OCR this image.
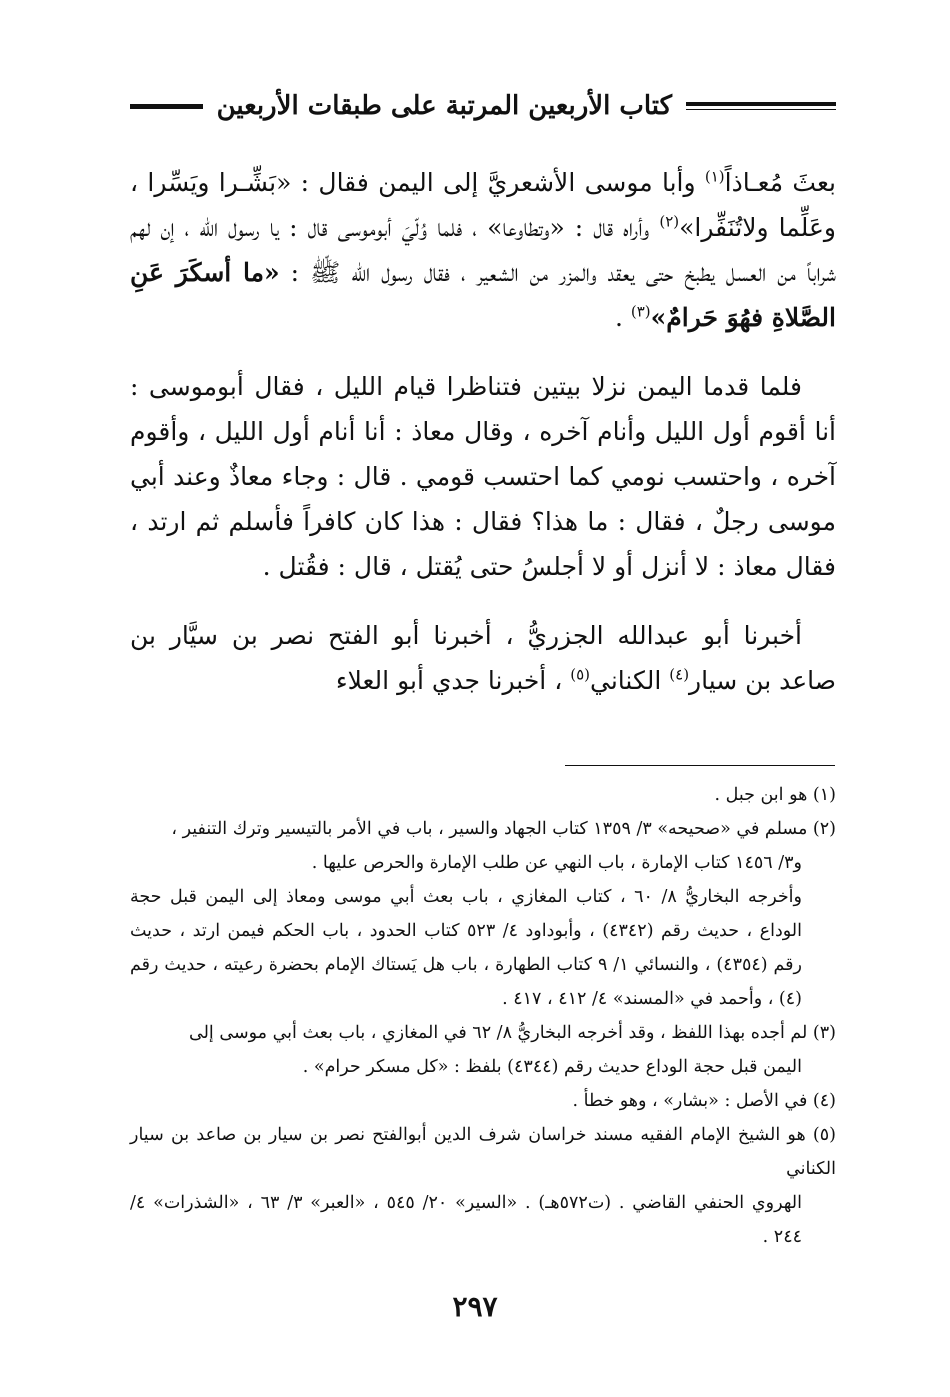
كتاب الأربعين المرتبة على طبقات الأربعين

بعثَ مُعـاذاً$^{(١)}$ وأبا موسى الأشعريَّ إلى اليمن فقال : «بَشِّـرا ويَسِّرا ، وعَلِّما ولاتُنَفِّرا»$^{(٢)}$ وأراه قال : «وتطاوعا» ، فلما وُلّيَ أبوموسى قال : يا رسول الله ، إن لهم شراباً من العسل يطبخ حتى يعقد والمزر من الشعير ، فقال رسول الله ﷺ : «ما أسكَرَ عَنِ الصَّلاةِ فهُوَ حَرامٌ»$^{(٣)}$ .

فلما قدما اليمن نزلا بيتين فتناظرا قيام الليل ، فقال أبوموسى : أنا أقوم أول الليل وأنام آخره ، وقال معاذ : أنا أنام أول الليل ، وأقوم آخره ، واحتسب نومي كما احتسب قومي . قال : وجاء معاذٌ وعند أبي موسى رجلٌ ، فقال : ما هذا؟ فقال : هذا كان كافراً فأسلم ثم ارتد ، فقال معاذ : لا أنزل أو لا أجلسُ حتى يُقتل ، قال : فقُتل .

أخبرنا أبو عبدالله الجزريُّ ، أخبرنا أبو الفتح نصر بن سيَّار بن صاعد بن سيار$^{(٤)}$ الكناني$^{(٥)}$ ، أخبرنا جدي أبو العلاء

(١) هو ابن جبل .

(٢) مسلم في «صحيحه» ٣/ ١٣٥٩ كتاب الجهاد والسير ، باب في الأمر بالتيسير وترك التنفير ،
و٣/ ١٤٥٦ كتاب الإمارة ، باب النهي عن طلب الإمارة والحرص عليها .
وأخرجه البخاريُّ ٨/ ٦٠ ، كتاب المغازي ، باب بعث أبي موسى ومعاذ إلى اليمن قبل حجة الوداع ، حديث رقم (٤٣٤٢) ، وأبوداود ٤/ ٥٢٣ كتاب الحدود ، باب الحكم فيمن ارتد ، حديث رقم (٤٣٥٤) ، والنسائي ١/ ٩ كتاب الطهارة ، باب هل يَستاك الإمام بحضرة رعيته ، حديث رقم (٤) ، وأحمد في «المسند» ٤/ ٤١٢ ، ٤١٧ .

(٣) لم أجده بهذا اللفظ ، وقد أخرجه البخاريُّ ٨/ ٦٢ في المغازي ، باب بعث أبي موسى إلى
اليمن قبل حجة الوداع حديث رقم (٤٣٤٤) بلفظ : «كل مسكر حرام» .

(٤) في الأصل : «بشار» ، وهو خطأ .

(٥) هو الشيخ الإمام الفقيه مسند خراسان شرف الدين أبوالفتح نصر بن سيار بن صاعد بن سيار الكناني
الهروي الحنفي القاضي . (ت٥٧٢هـ) . «السير» ٢٠/ ٥٤٥ ، «العبر» ٣/ ٦٣ ، «الشذرات» ٤/ ٢٤٤ .

٢٩٧
